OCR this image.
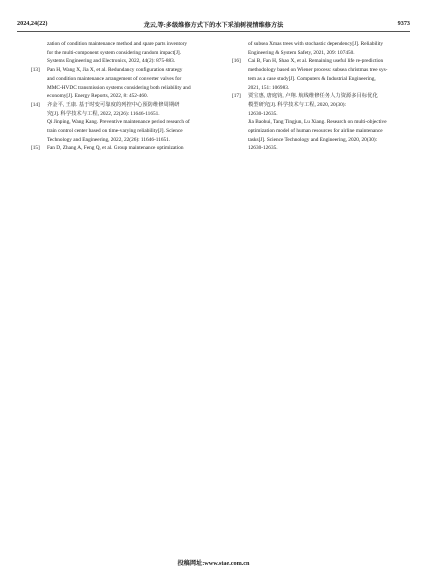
2024,24(22)	龙云,等:多级维修方式下的水下采油树视情维修方法	9373
zation of condition maintenance method and spare parts inventory
for the multi-component system considering random impact[J].
Systems Engineering and Electronics, 2022, 44(2): 875-883.
[13] Pan H, Wang X, Jia X, et al. Redundancy configuration strategy
and condition maintenance arrangement of converter valves for
MMC-HVDC transmission systems considering both reliability and
economy[J]. Energy Reports, 2022, 8: 452-460.
[14] 齐金平, 王康. 基于时变可靠度的列控中心预防维修周期研
究[J]. 科学技术与工程, 2022, 22(26): 11646-11651.
Qi Jinping, Wang Kang. Preventive maintenance period research of
train control center based on time-varying reliability[J]. Science
Technology and Engineering, 2022, 22(26): 11646-11651.
[15] Fan D, Zhang A, Feng Q, et al. Group maintenance optimization
of subsea Xmas trees with stochastic dependency[J]. Reliability
Engineering & System Safety, 2021, 209: 107450.
[16] Cai B, Fan H, Shao X, et al. Remaining useful life re-prediction
methodology based on Wiener process: subsea christmas tree sys-
tem as a case study[J]. Computers & Industrial Engineering,
2021, 151: 106983.
[17] 贾宝惠, 唐庭钧, 卢翔. 航线维修任务人力资源多目标优化
模型研究[J]. 科学技术与工程, 2020, 20(30):
12630-12635.
Jia Baohui, Tang Tingjun, Lu Xiang. Research on multi-objective
optimization model of human resources for airline maintenance
tasks[J]. Science Technology and Engineering, 2020, 20(30):
12630-12635.
投稿网址:www.stae.com.cn
